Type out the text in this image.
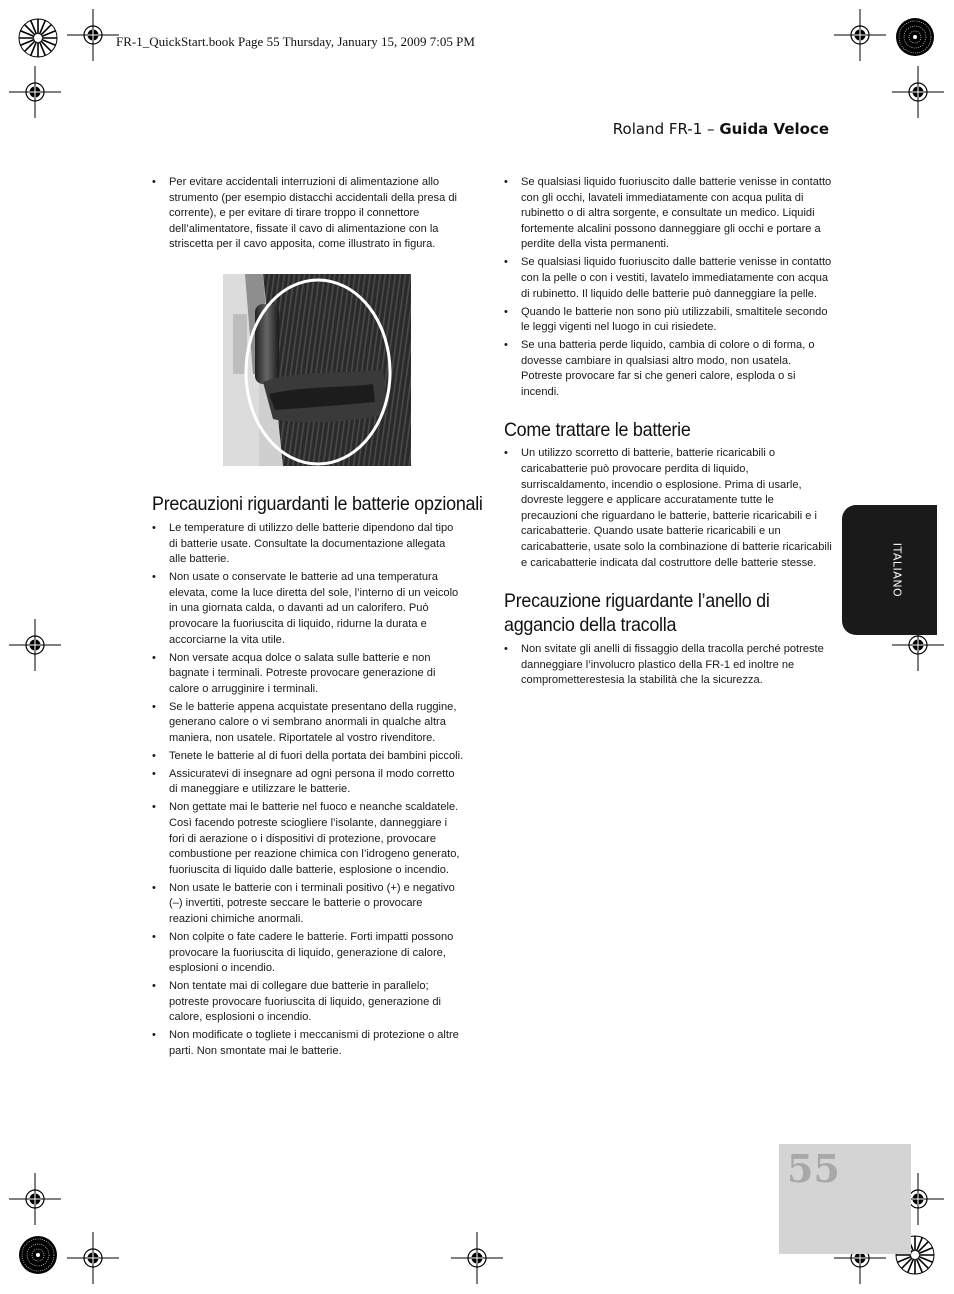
FR-1_QuickStart.book Page 55 Thursday, January 15, 2009 7:05 PM
Roland FR-1 – Guida Veloce
• Per evitare accidentali interruzioni di alimentazione allo strumento (per esempio distacchi accidentali della presa di corrente), e per evitare di tirare troppo il connettore dell’alimentatore, fissate il cavo di alimentazione con la striscetta per il cavo apposita, come illustrato in figura.
Precauzioni riguardanti le batterie opzionali
• Le temperature di utilizzo delle batterie dipendono dal tipo di batterie usate. Consultate la documentazione allegata alle batterie.
• Non usate o conservate le batterie ad una temperatura elevata, come la luce diretta del sole, l’interno di un veicolo in una giornata calda, o davanti ad un calorifero. Può provocare la fuoriuscita di liquido, ridurne la durata e accorciarne la vita utile.
• Non versate acqua dolce o salata sulle batterie e non bagnate i terminali. Potreste provocare generazione di calore o arrugginire i terminali.
• Se le batterie appena acquistate presentano della ruggine, generano calore o vi sembrano anormali in qualche altra maniera, non usatele. Riportatele al vostro rivenditore.
• Tenete le batterie al di fuori della portata dei bambini piccoli.
• Assicuratevi di insegnare ad ogni persona il modo corretto di maneggiare e utilizzare le batterie.
• Non gettate mai le batterie nel fuoco e neanche scaldatele. Così facendo potreste sciogliere l’isolante, danneggiare i fori di aerazione o i dispositivi di protezione, provocare combustione per reazione chimica con l’idrogeno generato, fuoriuscita di liquido dalle batterie, esplosione o incendio.
• Non usate le batterie con i terminali positivo (+) e negativo (–) invertiti, potreste seccare le batterie o provocare reazioni chimiche anormali.
• Non colpite o fate cadere le batterie. Forti impatti possono provocare la fuoriuscita di liquido, generazione di calore, esplosioni o incendio.
• Non tentate mai di collegare due batterie in parallelo; potreste provocare fuoriuscita di liquido, generazione di calore, esplosioni o incendio.
• Non modificate o togliete i meccanismi di protezione o altre parti. Non smontate mai le batterie.
• Se qualsiasi liquido fuoriuscito dalle batterie venisse in contatto con gli occhi, lavateli immediatamente con acqua pulita di rubinetto o di altra sorgente, e consultate un medico. Liquidi fortemente alcalini possono danneggiare gli occhi e portare a perdite della vista permanenti.
• Se qualsiasi liquido fuoriuscito dalle batterie venisse in contatto con la pelle o con i vestiti, lavatelo immediatamente con acqua di rubinetto. Il liquido delle batterie può danneggiare la pelle.
• Quando le batterie non sono più utilizzabili, smaltitele secondo le leggi vigenti nel luogo in cui risiedete.
• Se una batteria perde liquido, cambia di colore o di forma, o dovesse cambiare in qualsiasi altro modo, non usatela. Potreste provocare far si che generi calore, esploda o si incendi.
Come trattare le batterie
• Un utilizzo scorretto di batterie, batterie ricaricabili o caricabatterie può provocare perdita di liquido, surriscaldamento, incendio o esplosione. Prima di usarle, dovreste leggere e applicare accuratamente tutte le precauzioni che riguardano le batterie, batterie ricaricabili e i caricabatterie. Quando usate batterie ricaricabili e un caricabatterie, usate solo la combinazione di batterie ricaricabili e caricabatterie indicata dal costruttore delle batterie stesse.
Precauzione riguardante l’anello di aggancio della tracolla
• Non svitate gli anelli di fissaggio della tracolla perché potreste danneggiare l’involucro plastico della FR-1 ed inoltre ne comprometterestesia la stabilità che la sicurezza.
ITALIANO
55
